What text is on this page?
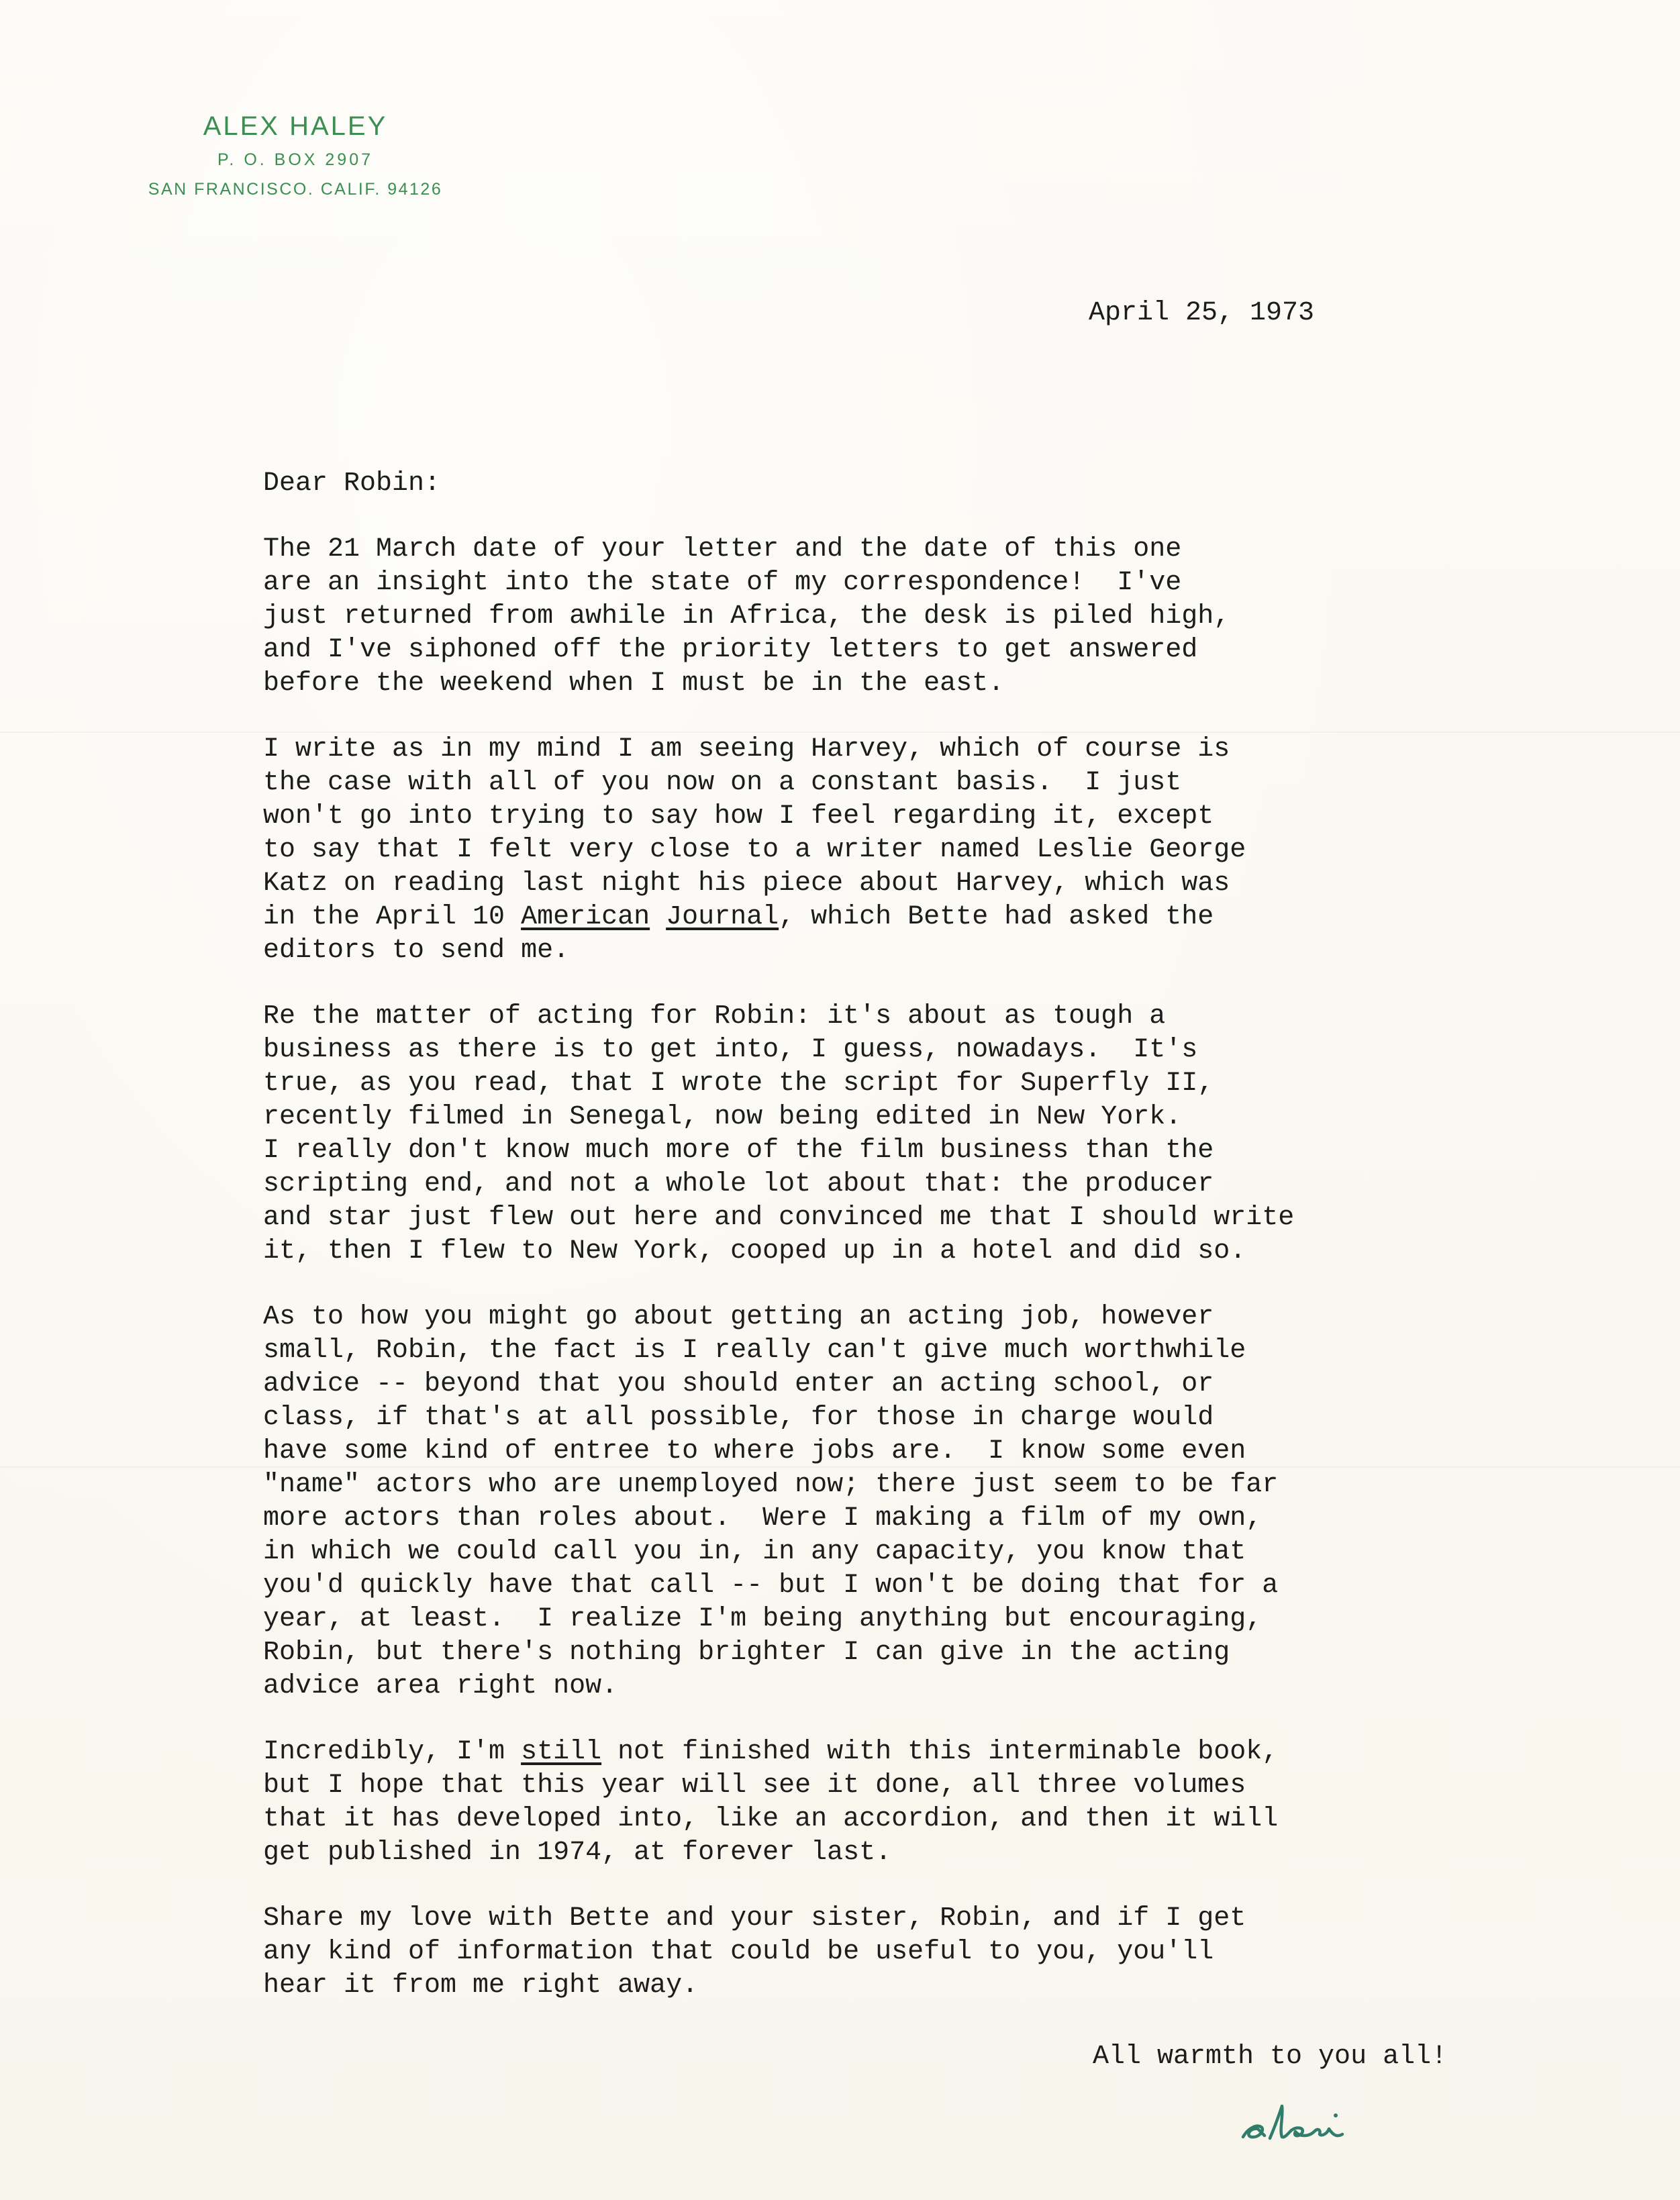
ALEX HALEY
P. O. BOX 2907
SAN FRANCISCO. CALIF. 94126
April 25, 1973
Dear Robin:
The 21 March date of your letter and the date of this one
are an insight into the state of my correspondence!  I've
just returned from awhile in Africa, the desk is piled high,
and I've siphoned off the priority letters to get answered
before the weekend when I must be in the east.
I write as in my mind I am seeing Harvey, which of course is
the case with all of you now on a constant basis.  I just
won't go into trying to say how I feel regarding it, except
to say that I felt very close to a writer named Leslie George
Katz on reading last night his piece about Harvey, which was
in the April 10 American Journal, which Bette had asked the
editors to send me.
Re the matter of acting for Robin: it's about as tough a
business as there is to get into, I guess, nowadays.  It's
true, as you read, that I wrote the script for Superfly II,
recently filmed in Senegal, now being edited in New York.
I really don't know much more of the film business than the
scripting end, and not a whole lot about that: the producer
and star just flew out here and convinced me that I should write
it, then I flew to New York, cooped up in a hotel and did so.
As to how you might go about getting an acting job, however
small, Robin, the fact is I really can't give much worthwhile
advice -- beyond that you should enter an acting school, or
class, if that's at all possible, for those in charge would
have some kind of entree to where jobs are.  I know some even
"name" actors who are unemployed now; there just seem to be far
more actors than roles about.  Were I making a film of my own,
in which we could call you in, in any capacity, you know that
you'd quickly have that call -- but I won't be doing that for a
year, at least.  I realize I'm being anything but encouraging,
Robin, but there's nothing brighter I can give in the acting
advice area right now.
Incredibly, I'm still not finished with this interminable book,
but I hope that this year will see it done, all three volumes
that it has developed into, like an accordion, and then it will
get published in 1974, at forever last.
Share my love with Bette and your sister, Robin, and if I get
any kind of information that could be useful to you, you'll
hear it from me right away.
All warmth to you all!
